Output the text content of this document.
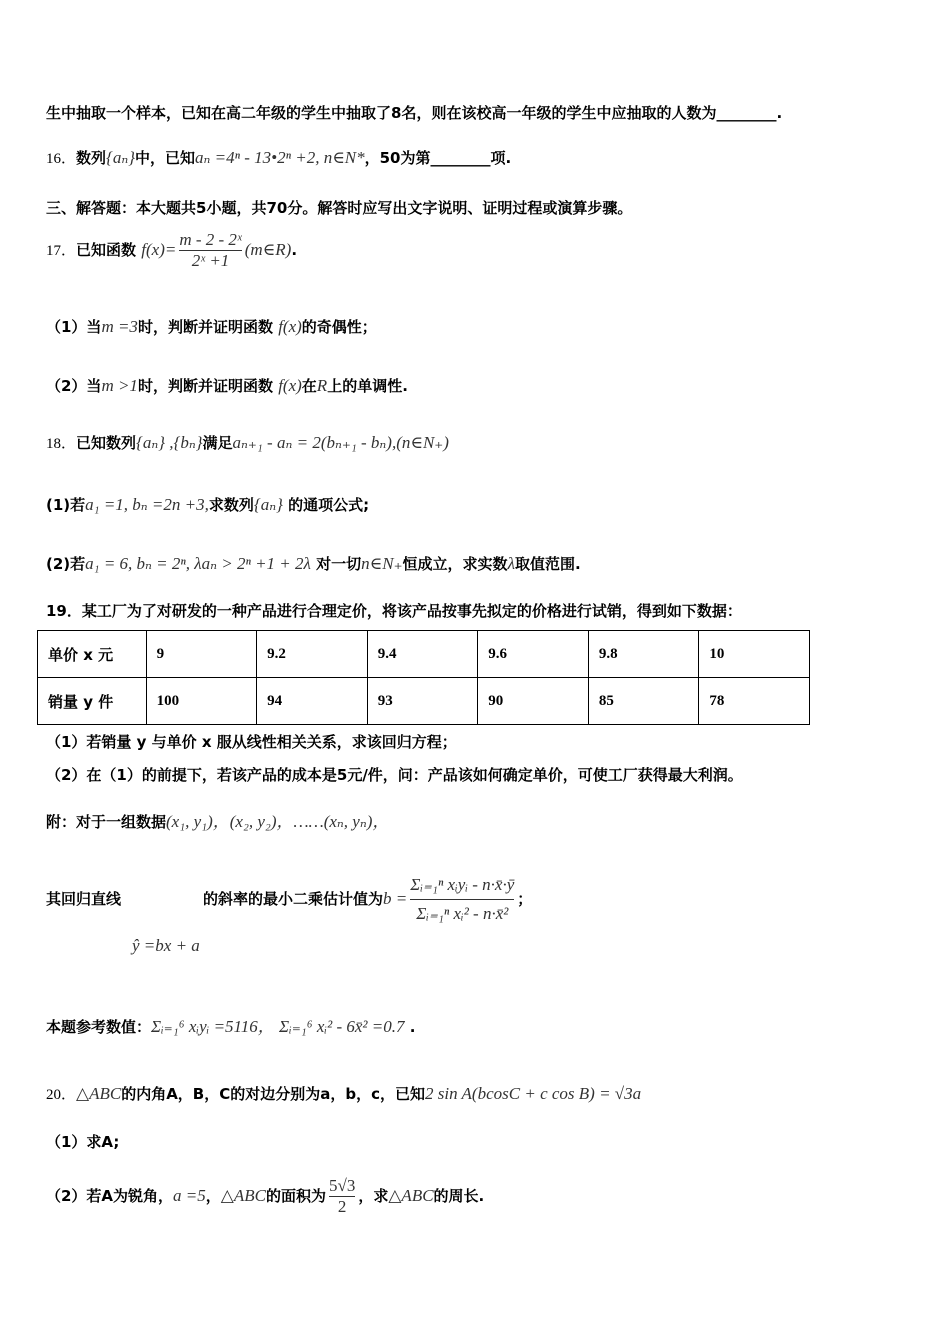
生中抽取一个样本，已知在高二年级的学生中抽取了8名，则在该校高一年级的学生中应抽取的人数为________.
16．数列{aₙ}中，已知aₙ =4ⁿ - 13•2ⁿ +2, n∈N*，50为第________项.
三、解答题：本大题共5小题，共70分。解答时应写出文字说明、证明过程或演算步骤。
17．已知函数 $f(x)= \frac{\text{m - 2 - 2ˣ}}{\text{2ˣ +1}}$ (m∈R).
（1）当m =3时，判断并证明函数 f(x)的奇偶性；
（2）当m >1时，判断并证明函数 f(x)在R上的单调性.
18．已知数列{aₙ} ,{bₙ}满足aₙ₊₁ - aₙ = 2(bₙ₊₁ - bₙ),(n∈N₊)
(1)若a₁ =1, bₙ =2n +3,求数列{aₙ} 的通项公式;
(2)若a₁ = 6, bₙ = 2ⁿ, λaₙ > 2ⁿ +1 + 2λ 对一切n∈N₊恒成立，求实数λ取值范围.
19．某工厂为了对研发的一种产品进行合理定价，将该产品按事先拟定的价格进行试销，得到如下数据：
单价 x 元	9	9.2	9.4	9.6	9.8	10
销量 y 件	100	94	93	90	85	78
（1）若销量 y 与单价 x 服从线性相关关系，求该回归方程；
（2）在（1）的前提下，若该产品的成本是5元/件，问：产品该如何确定单价，可使工厂获得最大利润。
附：对于一组数据(x₁, y₁)，(x₂, y₂)，……(xₙ, yₙ)，
其回归直线	的斜率的最小二乘估计值为b =
Σᵢ₌₁ⁿ xᵢyᵢ - n·x̄·ȳ
Σᵢ₌₁ⁿ xᵢ² - n·x̄²
；
ŷ =bx + a
本题参考数值：Σᵢ₌₁⁶ xᵢyᵢ =5116， Σᵢ₌₁⁶ xᵢ² - 6x̄² =0.7 .
20．△ABC的内角A，B，C的对边分别为a，b，c，已知2 sin A(bcosC + c cos B) = √3a
（1）求A;
（2）若A为锐角，a =5，△ABC的面积为 $\frac{5√3}{2}$ ，求△ABC的周长.
